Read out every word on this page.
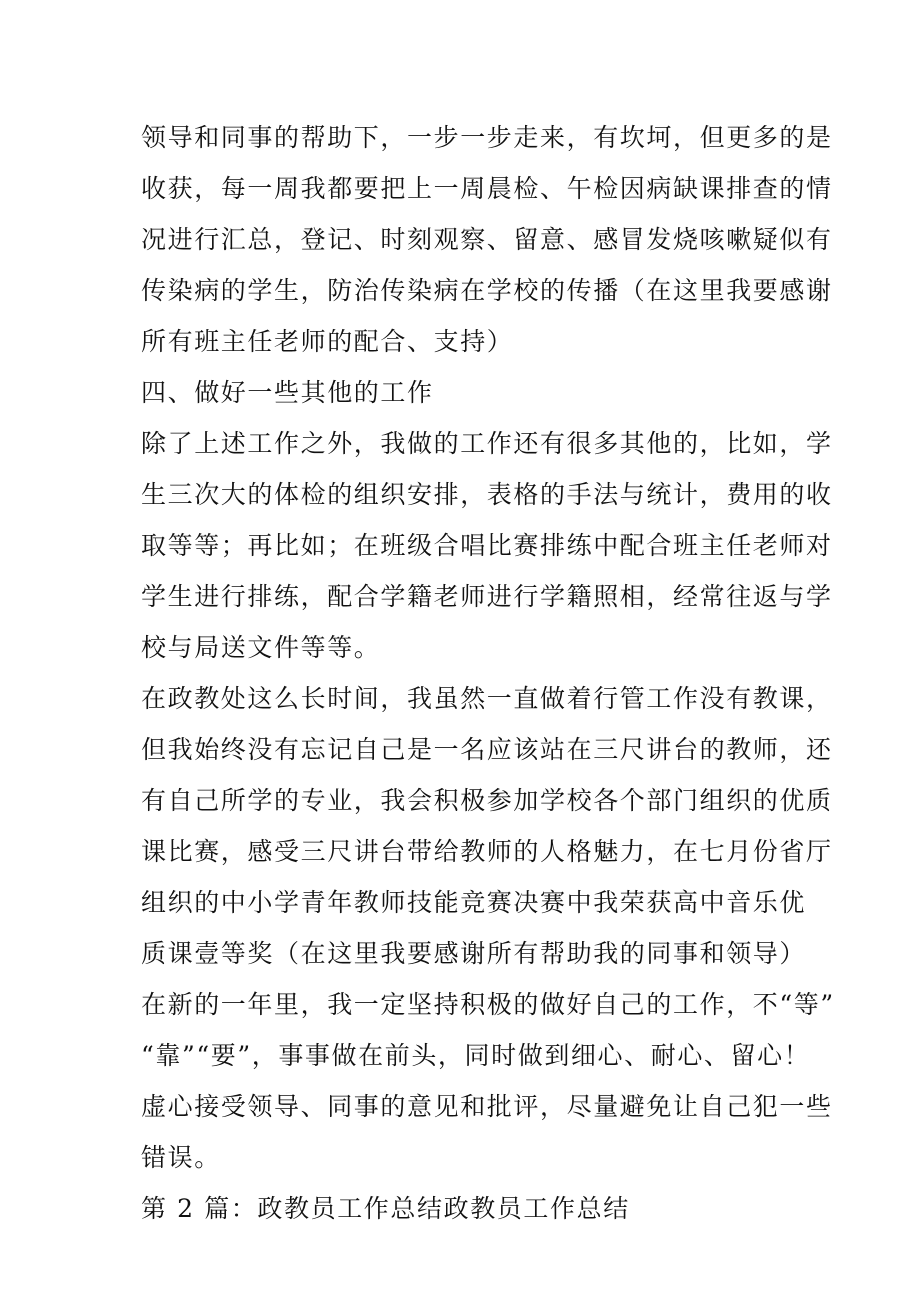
领导和同事的帮助下，一步一步走来，有坎坷，但更多的是
收获，每一周我都要把上一周晨检、午检因病缺课排查的情
况进行汇总，登记、时刻观察、留意、感冒发烧咳嗽疑似有
传染病的学生，防治传染病在学校的传播（在这里我要感谢
所有班主任老师的配合、支持）
四、做好一些其他的工作
除了上述工作之外，我做的工作还有很多其他的，比如，学
生三次大的体检的组织安排，表格的手法与统计，费用的收
取等等；再比如；在班级合唱比赛排练中配合班主任老师对
学生进行排练，配合学籍老师进行学籍照相，经常往返与学
校与局送文件等等。
在政教处这么长时间，我虽然一直做着行管工作没有教课，
但我始终没有忘记自己是一名应该站在三尺讲台的教师，还
有自己所学的专业，我会积极参加学校各个部门组织的优质
课比赛，感受三尺讲台带给教师的人格魅力，在七月份省厅
组织的中小学青年教师技能竞赛决赛中我荣获高中音乐优
质课壹等奖（在这里我要感谢所有帮助我的同事和领导）
在新的一年里，我一定坚持积极的做好自己的工作，不“等”
“靠”“要”，事事做在前头，同时做到细心、耐心、留心！
虚心接受领导、同事的意见和批评，尽量避免让自己犯一些
错误。
第 2 篇：政教员工作总结政教员工作总结
